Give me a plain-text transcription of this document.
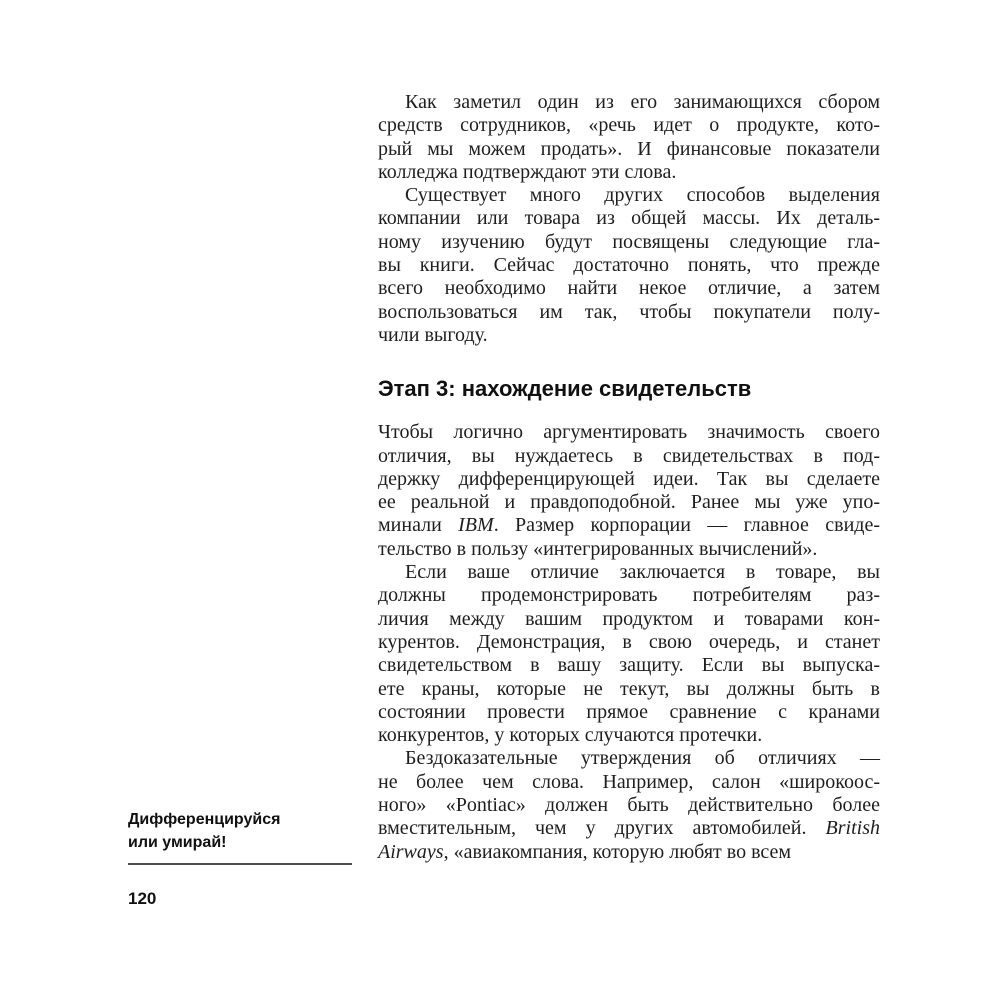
Как заметил один из его занимающихся сбором
средств сотрудников, «речь идет о продукте, кото-
рый мы можем продать». И финансовые показатели
колледжа подтверждают эти слова.
Существует много других способов выделения
компании или товара из общей массы. Их деталь-
ному изучению будут посвящены следующие гла-
вы книги. Сейчас достаточно понять, что прежде
всего необходимо найти некое отличие, а затем
воспользоваться им так, чтобы покупатели полу-
чили выгоду.
Этап 3: нахождение свидетельств
Чтобы логично аргументировать значимость своего
отличия, вы нуждаетесь в свидетельствах в под-
держку дифференцирующей идеи. Так вы сделаете
ее реальной и правдоподобной. Ранее мы уже упо-
минали IBM. Размер корпорации — главное свиде-
тельство в пользу «интегрированных вычислений».
Если ваше отличие заключается в товаре, вы
должны продемонстрировать потребителям раз-
личия между вашим продуктом и товарами кон-
курентов. Демонстрация, в свою очередь, и станет
свидетельством в вашу защиту. Если вы выпуска-
ете краны, которые не текут, вы должны быть в
состоянии провести прямое сравнение с кранами
конкурентов, у которых случаются протечки.
Бездоказательные утверждения об отличиях —
не более чем слова. Например, салон «широкоос-
ного» «Pontiac» должен быть действительно более
вместительным, чем у других автомобилей. British
Airways, «авиакомпания, которую любят во всем
Дифференцируйся
или умирай!
120
